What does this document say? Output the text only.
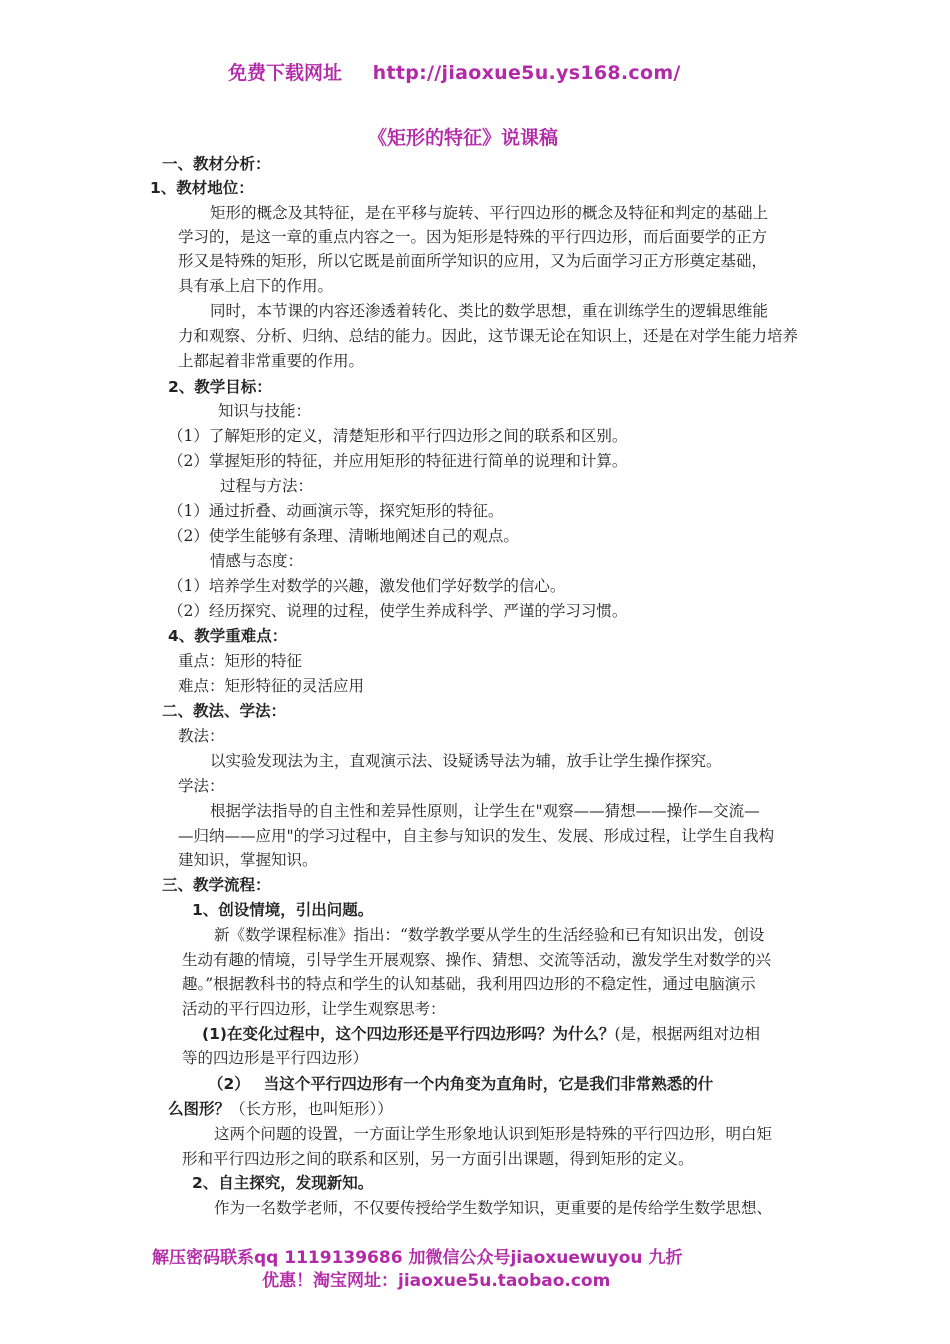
免费下载网址 http://jiaoxue5u.ys168.com/
《矩形的特征》说课稿
一、教材分析：
1、教材地位：
矩形的概念及其特征，是在平移与旋转、平行四边形的概念及特征和判定的基础上
学习的，是这一章的重点内容之一。因为矩形是特殊的平行四边形，而后面要学的正方
形又是特殊的矩形，所以它既是前面所学知识的应用，又为后面学习正方形奠定基础，
具有承上启下的作用。
同时，本节课的内容还渗透着转化、类比的数学思想，重在训练学生的逻辑思维能
力和观察、分析、归纳、总结的能力。因此，这节课无论在知识上，还是在对学生能力培养
上都起着非常重要的作用。
2、教学目标：
知识与技能：
（1）了解矩形的定义，清楚矩形和平行四边形之间的联系和区别。
（2）掌握矩形的特征，并应用矩形的特征进行简单的说理和计算。
过程与方法：
（1）通过折叠、动画演示等，探究矩形的特征。
（2）使学生能够有条理、清晰地阐述自己的观点。
情感与态度：
（1）培养学生对数学的兴趣，激发他们学好数学的信心。
（2）经历探究、说理的过程，使学生养成科学、严谨的学习习惯。
4、教学重难点：
重点：矩形的特征
难点：矩形特征的灵活应用
二、教法、学法：
教法：
以实验发现法为主，直观演示法、设疑诱导法为辅，放手让学生操作探究。
学法：
根据学法指导的自主性和差异性原则，让学生在"观察——猜想——操作—交流—
—归纳——应用"的学习过程中，自主参与知识的发生、发展、形成过程，让学生自我构
建知识，掌握知识。
三、教学流程：
1、创设情境，引出问题。
新《数学课程标准》指出：“数学教学要从学生的生活经验和已有知识出发，创设
生动有趣的情境，引导学生开展观察、操作、猜想、交流等活动，激发学生对数学的兴
趣。”根据教科书的特点和学生的认知基础，我利用四边形的不稳定性，通过电脑演示
活动的平行四边形，让学生观察思考：
(1)在变化过程中，这个四边形还是平行四边形吗？为什么？(是，根据两组对边相
等的四边形是平行四边形）
（2） 当这个平行四边形有一个内角变为直角时，它是我们非常熟悉的什
么图形？（长方形，也叫矩形））
这两个问题的设置，一方面让学生形象地认识到矩形是特殊的平行四边形，明白矩
形和平行四边形之间的联系和区别，另一方面引出课题，得到矩形的定义。
2、自主探究，发现新知。
作为一名数学老师，不仅要传授给学生数学知识，更重要的是传给学生数学思想、
解压密码联系qq 1119139686 加微信公众号jiaoxuewuyou 九折
优惠！淘宝网址：jiaoxue5u.taobao.com
